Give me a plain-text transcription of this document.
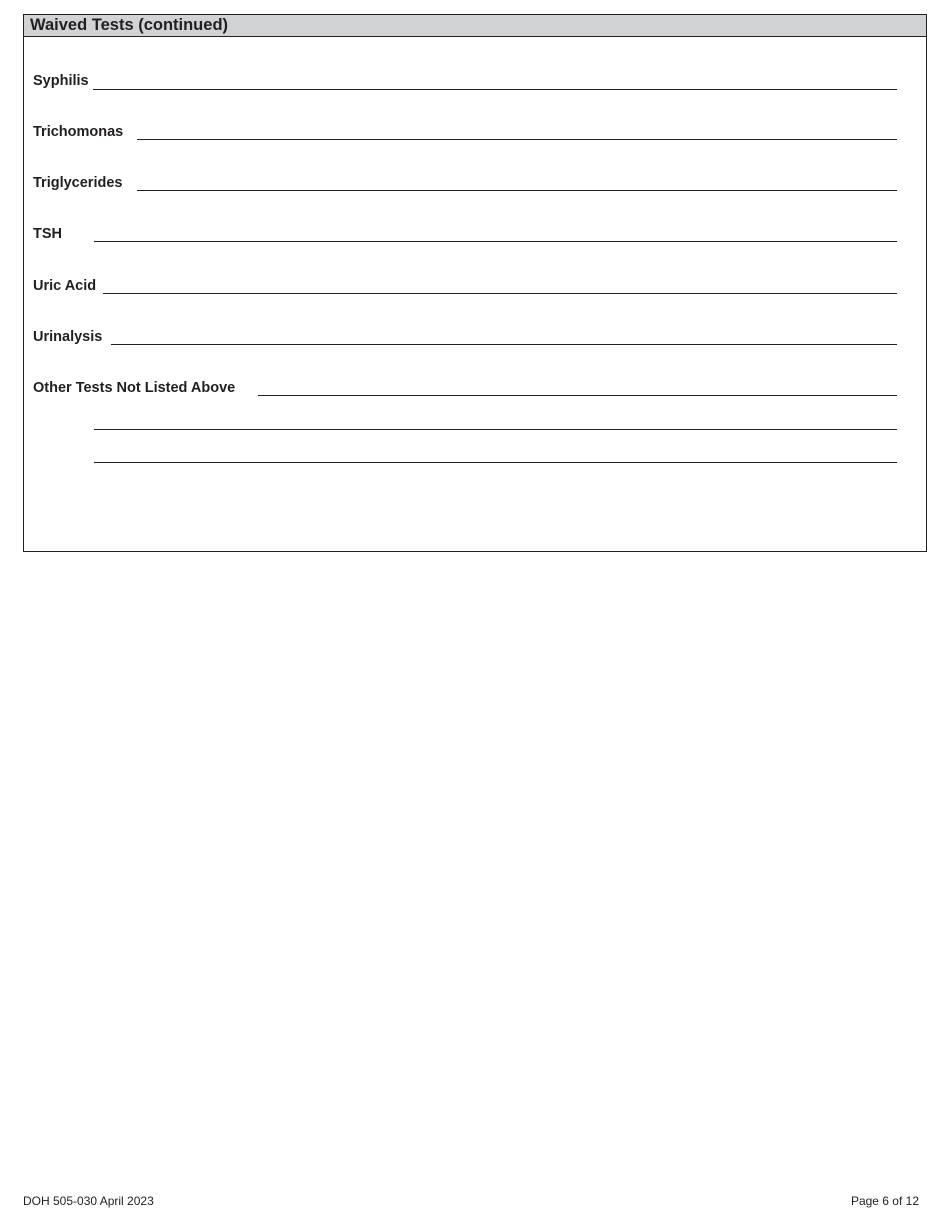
Waived Tests (continued)
Syphilis
Trichomonas
Triglycerides
TSH
Uric Acid
Urinalysis
Other Tests Not Listed Above
DOH 505-030 April 2023	Page 6 of 12
